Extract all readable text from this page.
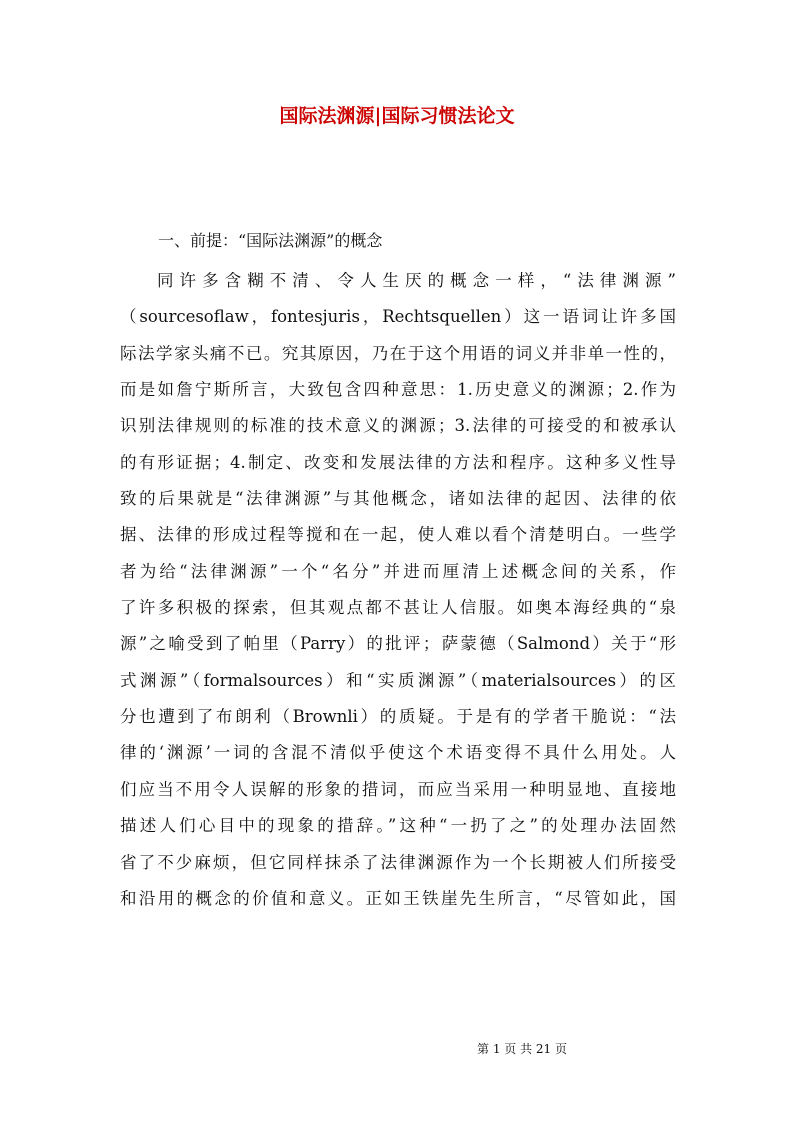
国际法渊源|国际习惯法论文
一、前提：“国际法渊源”的概念
同许多含糊不清、令人生厌的概念一样，“法律渊源”
（sourcesoflaw，fontesjuris，Rechtsquellen）这一语词让许多国
际法学家头痛不已。究其原因，乃在于这个用语的词义并非单一性的，
而是如詹宁斯所言，大致包含四种意思：1.历史意义的渊源；2.作为
识别法律规则的标准的技术意义的渊源；3.法律的可接受的和被承认
的有形证据；4.制定、改变和发展法律的方法和程序。这种多义性导
致的后果就是“法律渊源”与其他概念，诸如法律的起因、法律的依
据、法律的形成过程等搅和在一起，使人难以看个清楚明白。一些学
者为给“法律渊源”一个“名分”并进而厘清上述概念间的关系，作
了许多积极的探索，但其观点都不甚让人信服。如奥本海经典的“泉
源”之喻受到了帕里（Parry）的批评；萨蒙德（Salmond）关于“形
式渊源”（formalsources）和“实质渊源”（materialsources）的区
分也遭到了布朗利（Brownli）的质疑。于是有的学者干脆说：“法
律的‘渊源’一词的含混不清似乎使这个术语变得不具什么用处。人
们应当不用令人误解的形象的措词，而应当采用一种明显地、直接地
描述人们心目中的现象的措辞。”这种“一扔了之”的处理办法固然
省了不少麻烦，但它同样抹杀了法律渊源作为一个长期被人们所接受
和沿用的概念的价值和意义。正如王铁崖先生所言，“尽管如此，国
第 1 页 共 21 页
